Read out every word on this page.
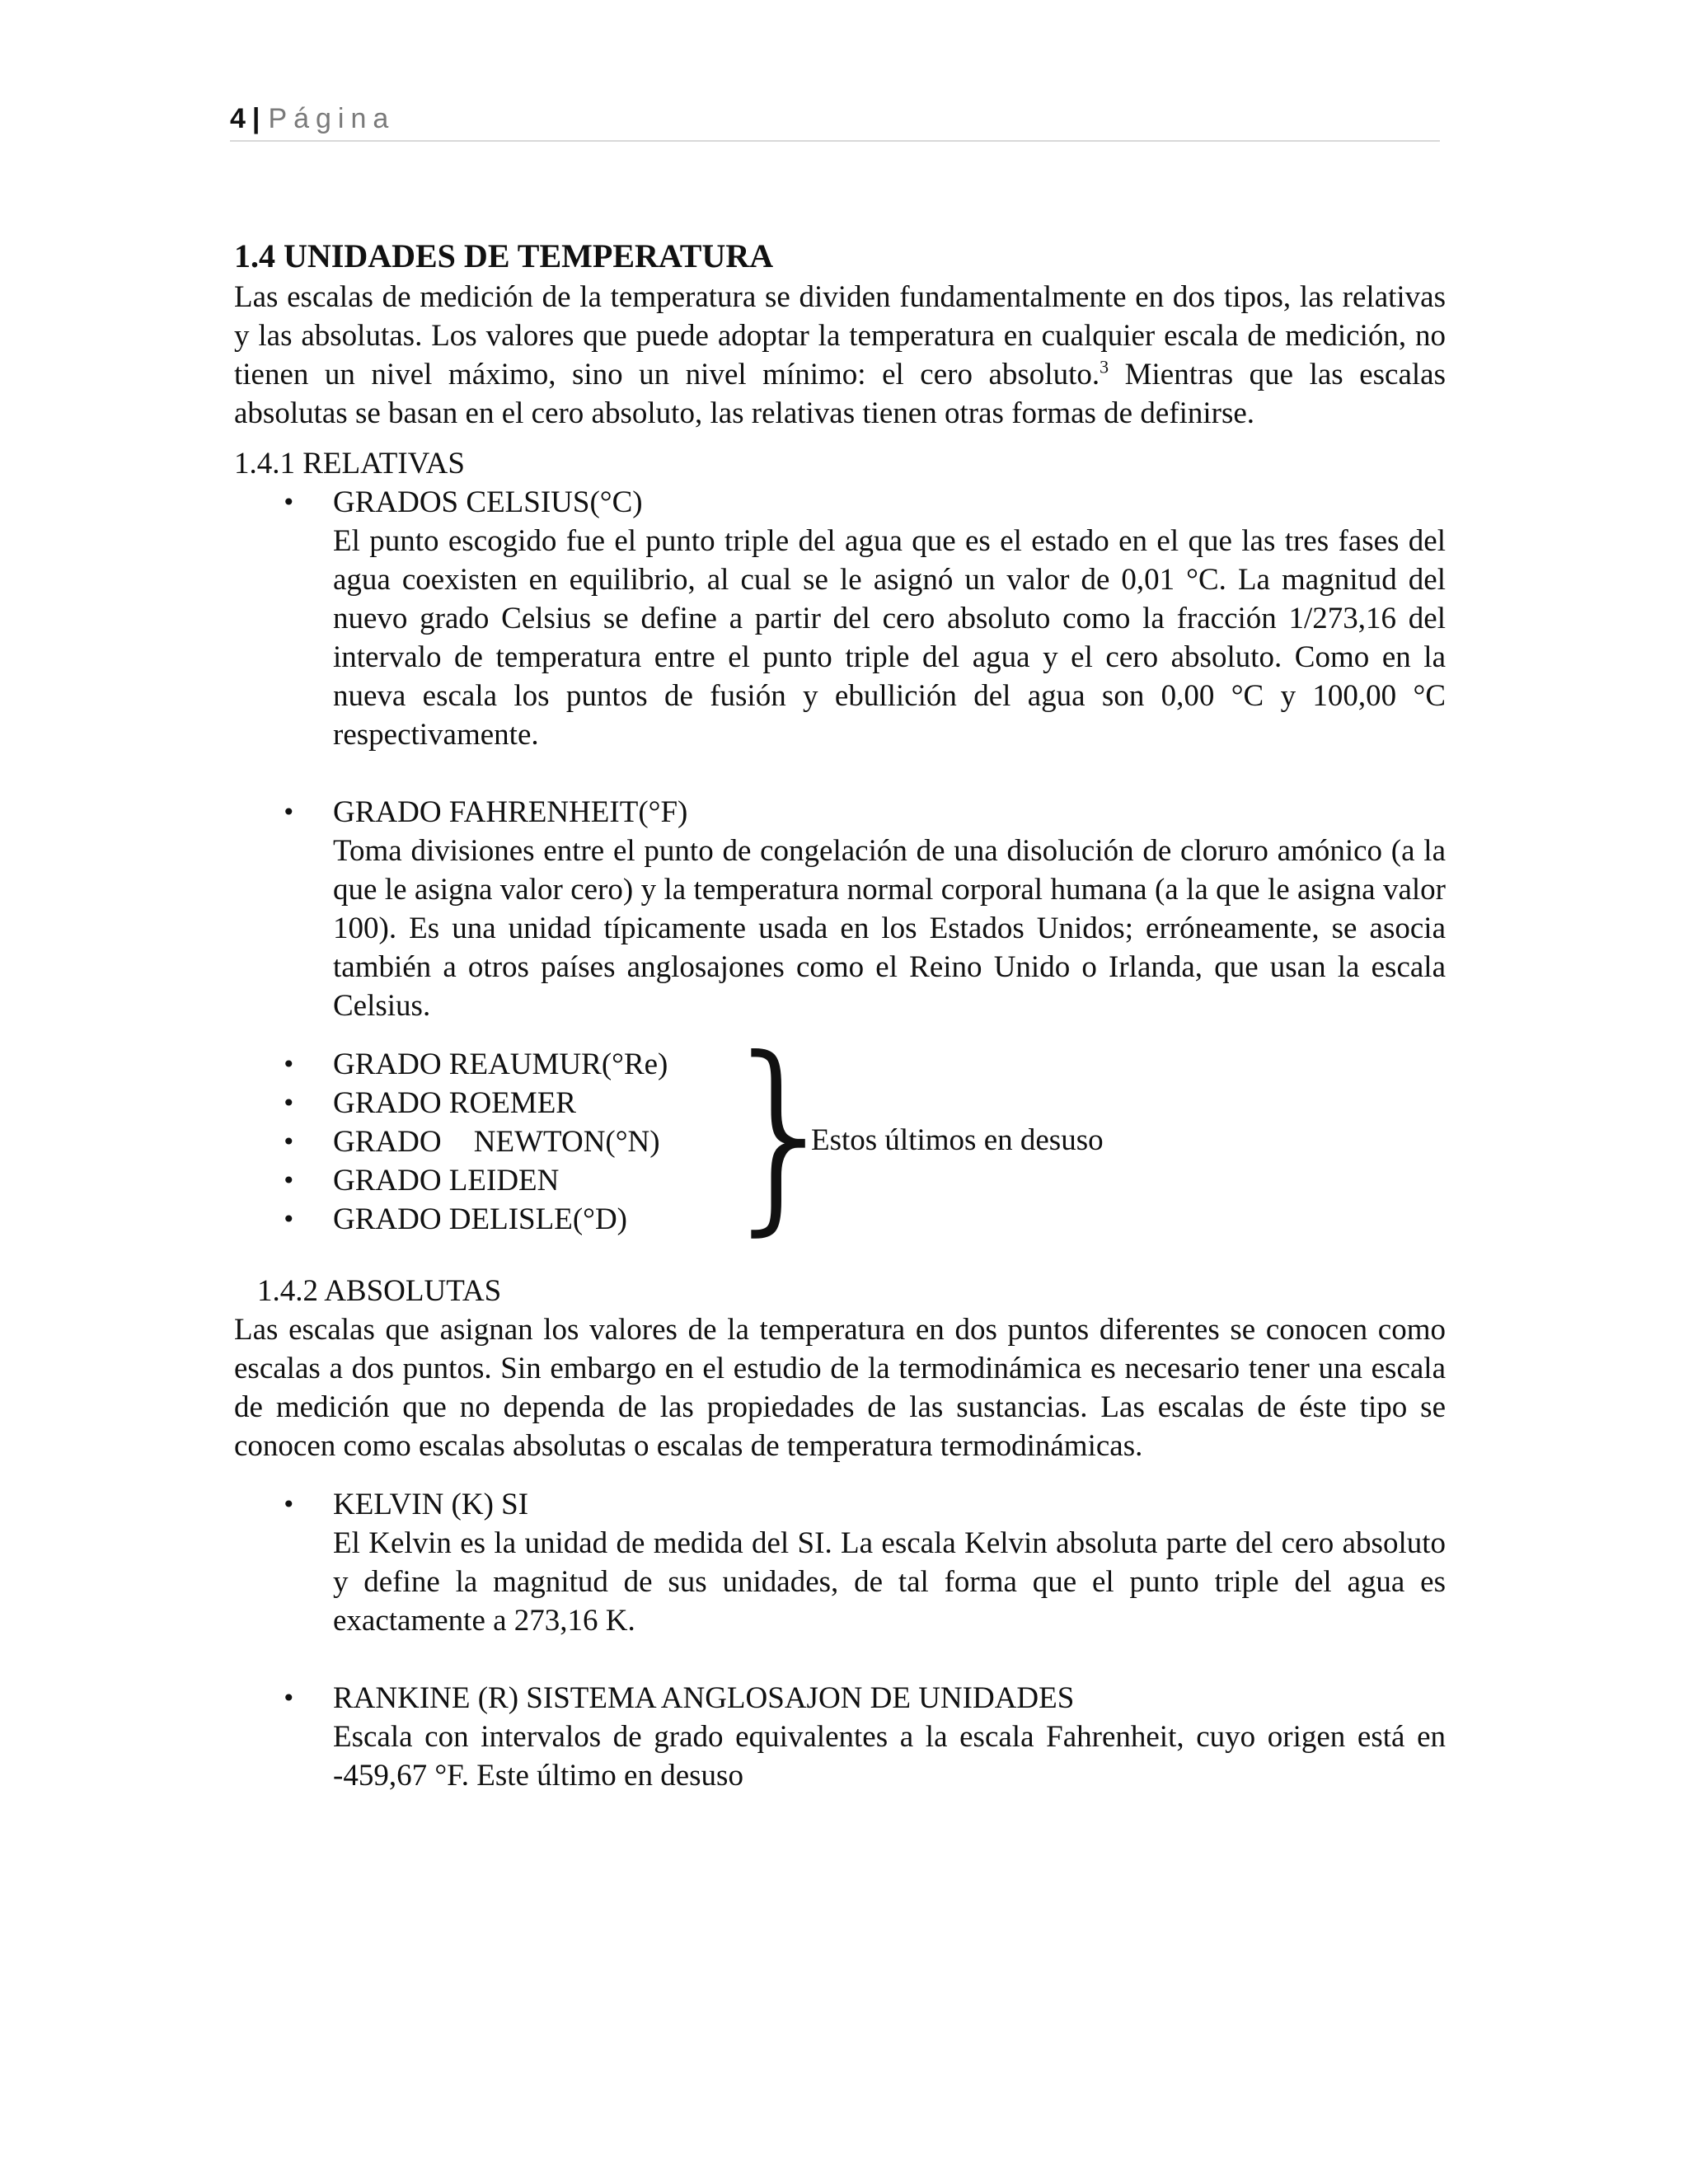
4 | Página
1.4 UNIDADES DE TEMPERATURA

Las escalas de medición de la temperatura se dividen fundamentalmente en dos tipos, las relativas y las absolutas. Los valores que puede adoptar la temperatura en cualquier escala de medición, no tienen un nivel máximo, sino un nivel mínimo: el cero absoluto.$^3$ Mientras que las escalas absolutas se basan en el cero absoluto, las relativas tienen otras formas de definirse.

1.4.1 RELATIVAS
• GRADOS CELSIUS(°C)
El punto escogido fue el punto triple del agua que es el estado en el que las tres fases del agua coexisten en equilibrio, al cual se le asignó un valor de 0,01 °C. La magnitud del nuevo grado Celsius se define a partir del cero absoluto como la fracción 1/273,16 del intervalo de temperatura entre el punto triple del agua y el cero absoluto. Como en la nueva escala los puntos de fusión y ebullición del agua son 0,00 °C y 100,00 °C respectivamente.
• GRADO FAHRENHEIT(°F)
Toma divisiones entre el punto de congelación de una disolución de cloruro amónico (a la que le asigna valor cero) y la temperatura normal corporal humana (a la que le asigna valor 100). Es una unidad típicamente usada en los Estados Unidos; erróneamente, se asocia también a otros países anglosajones como el Reino Unido o Irlanda, que usan la escala Celsius.
• GRADO REAUMUR(°Re)
• GRADO ROEMER
• GRADO NEWTON(°N)
• GRADO LEIDEN
• GRADO DELISLE(°D) }
Estos últimos en desuso
1.4.2 ABSOLUTAS

Las escalas que asignan los valores de la temperatura en dos puntos diferentes se conocen como escalas a dos puntos. Sin embargo en el estudio de la termodinámica es necesario tener una escala de medición que no dependa de las propiedades de las sustancias. Las escalas de éste tipo se conocen como escalas absolutas o escalas de temperatura termodinámicas.

• KELVIN (K) SI
El Kelvin es la unidad de medida del SI. La escala Kelvin absoluta parte del cero absoluto y define la magnitud de sus unidades, de tal forma que el punto triple del agua es exactamente a 273,16 K.
• RANKINE (R) SISTEMA ANGLOSAJON DE UNIDADES
Escala con intervalos de grado equivalentes a la escala Fahrenheit, cuyo origen está en -459,67 °F. Este último en desuso
